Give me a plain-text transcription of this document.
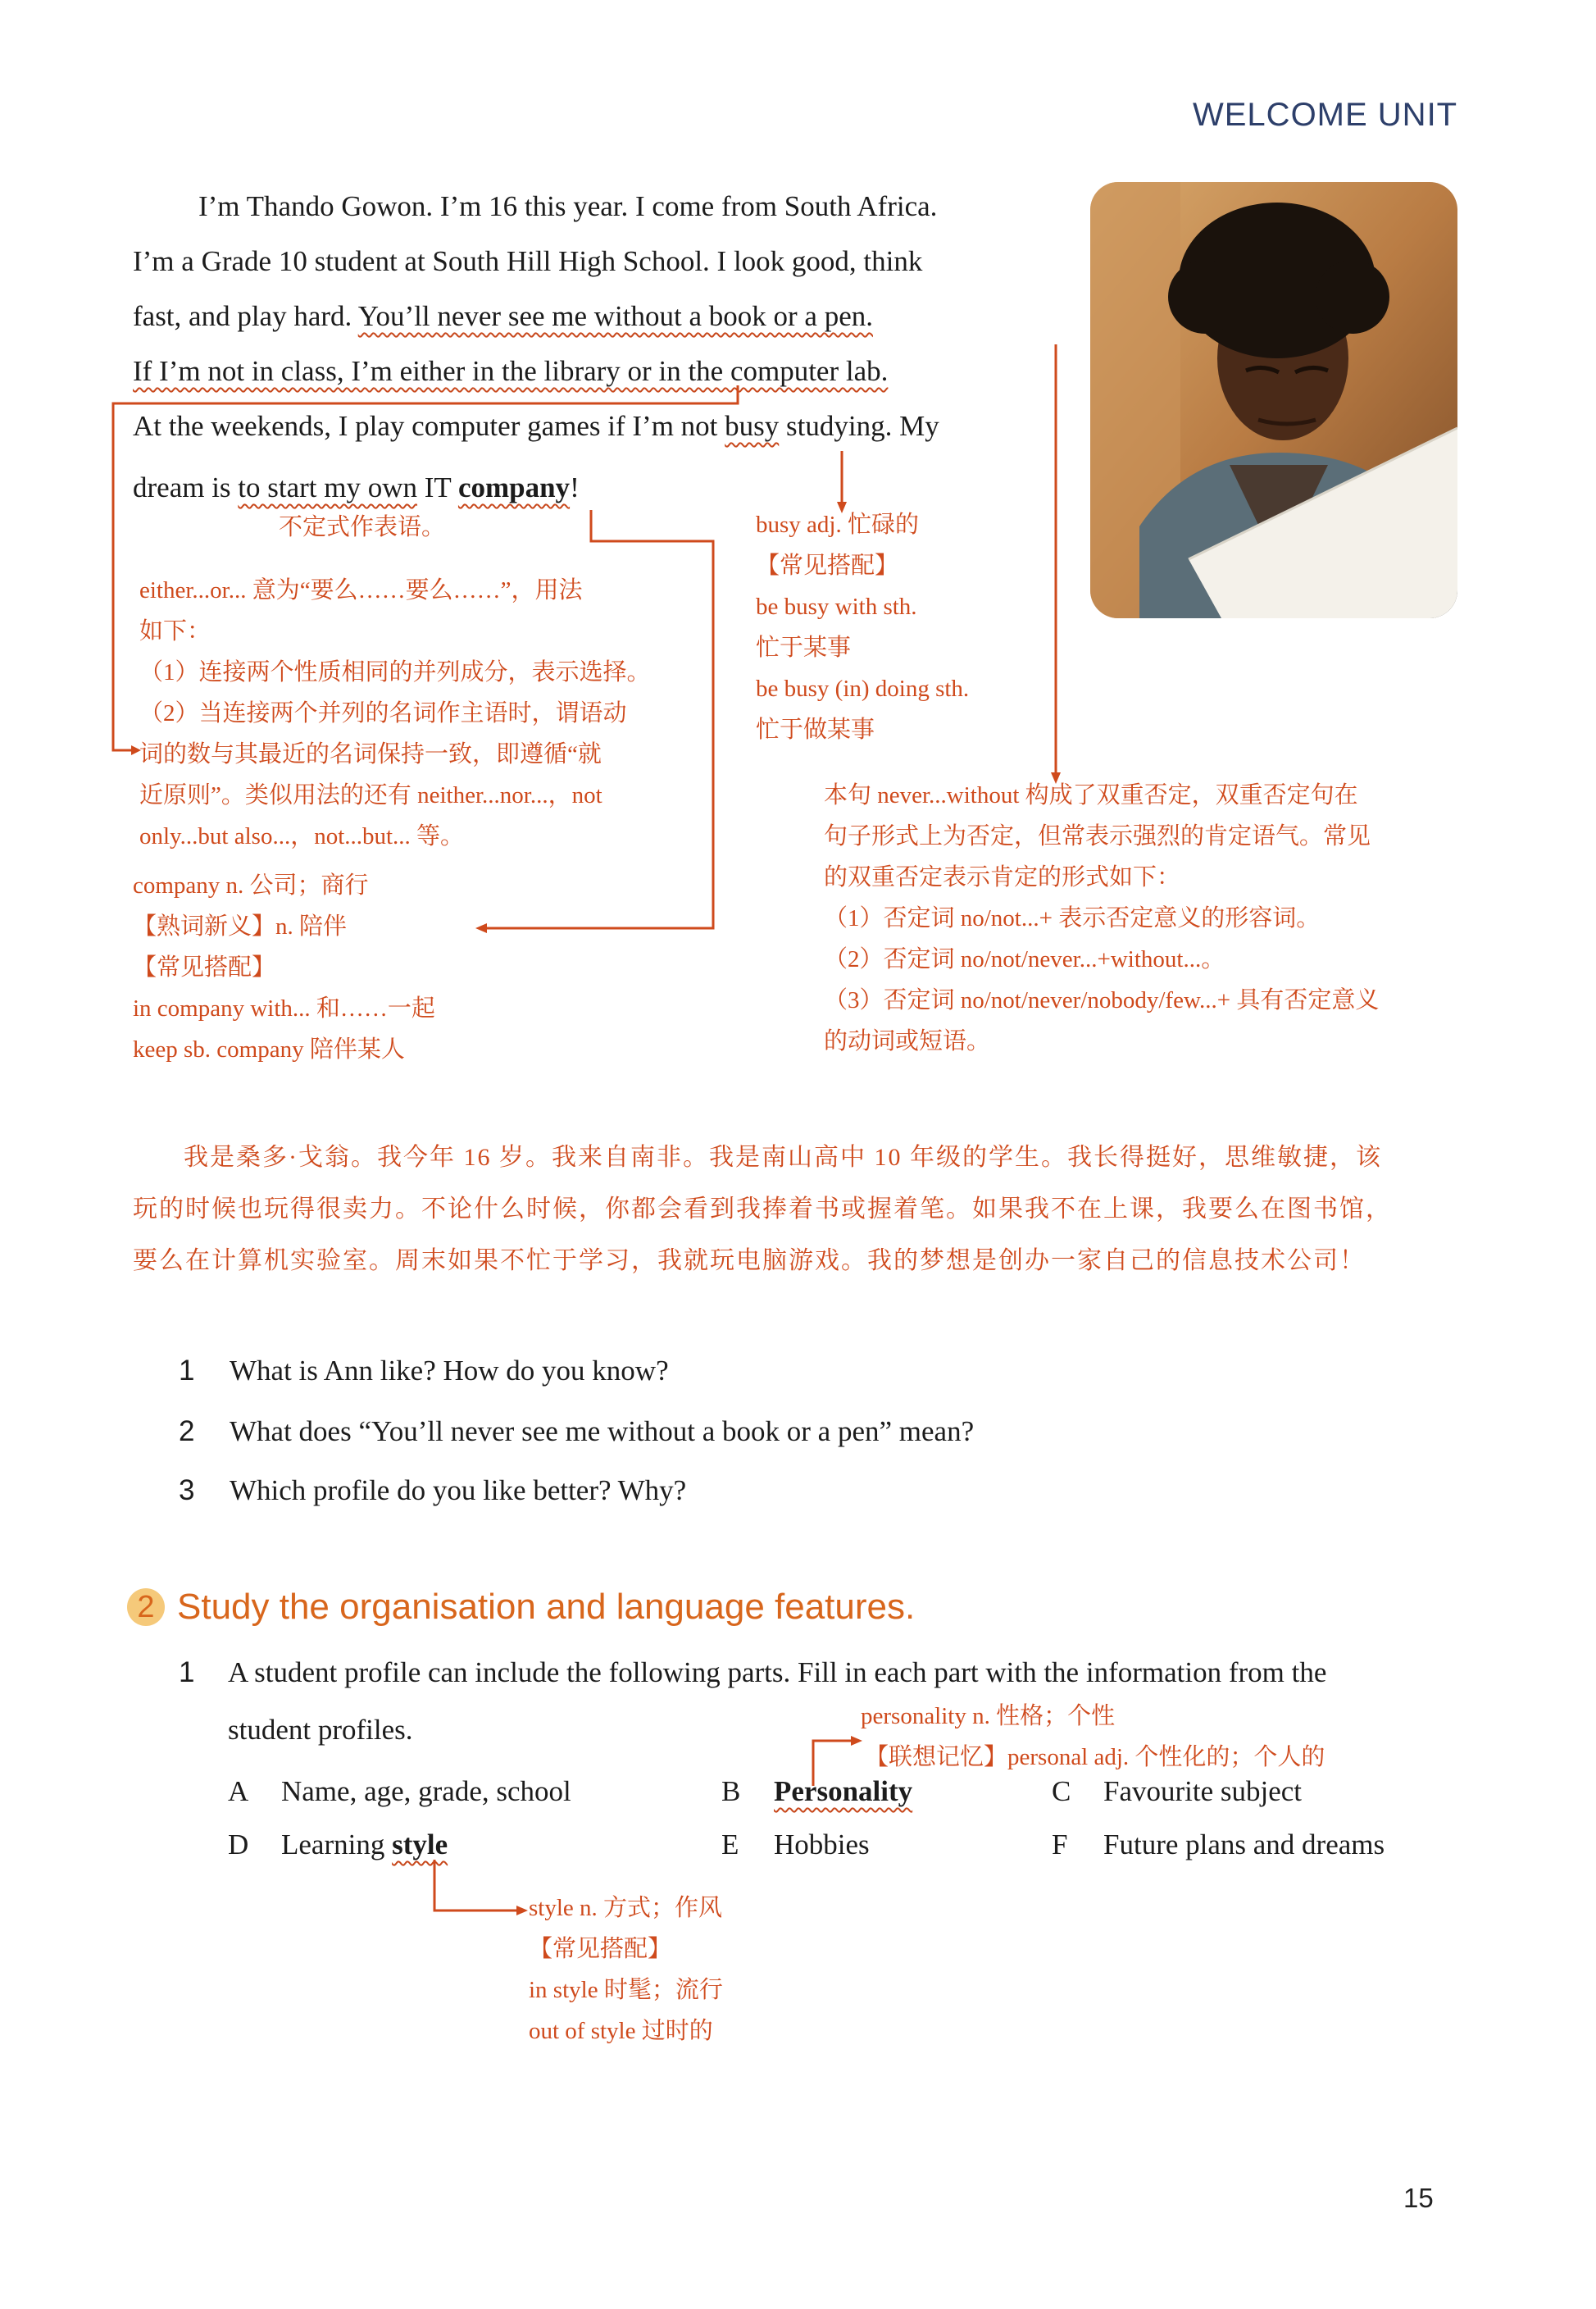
WELCOME UNIT
I’m Thando Gowon. I’m 16 this year. I come from South Africa.
I’m a Grade 10 student at South Hill High School. I look good, think
fast, and play hard. You’ll never see me without a book or a pen.
If I’m not in class, I’m either in the library or in the computer lab.
At the weekends, I play computer games if I’m not busy studying. My
dream is to start my own IT company!
不定式作表语。	busy adj. 忙碌的
【常见搭配】
be busy with sth.
忙于某事
be busy (in) doing sth.
忙于做某事
either...or... 意为“要么……要么……”，用法
如下：
（1）连接两个性质相同的并列成分，表示选择。
（2）当连接两个并列的名词作主语时，谓语动
词的数与其最近的名词保持一致，即遵循“就
近原则”。类似用法的还有 neither...nor...，not
only...but also...，not...but... 等。
company n. 公司；商行
【熟词新义】n. 陪伴
【常见搭配】
in company with... 和……一起
keep sb. company 陪伴某人
本句 never...without 构成了双重否定，双重否定句在
句子形式上为否定，但常表示强烈的肯定语气。常见
的双重否定表示肯定的形式如下：
（1）否定词 no/not...+ 表示否定意义的形容词。
（2）否定词 no/not/never...+without...。
（3）否定词 no/not/never/nobody/few...+ 具有否定意义
的动词或短语。
我是桑多·戈翁。我今年 16 岁。我来自南非。我是南山高中 10 年级的学生。我长得挺好，思维敏捷，该
玩的时候也玩得很卖力。不论什么时候，你都会看到我捧着书或握着笔。如果我不在上课，我要么在图书馆，
要么在计算机实验室。周末如果不忙于学习，我就玩电脑游戏。我的梦想是创办一家自己的信息技术公司！
1 What is Ann like? How do you know?
2 What does “You’ll never see me without a book or a pen” mean?
3 Which profile do you like better? Why?
2 Study the organisation and language features.
1 A student profile can include the following parts. Fill in each part with the information from the
student profiles.	personality n. 性格；个性
【联想记忆】personal adj. 个性化的；个人的
A Name, age, grade, school	B Personality	C Favourite subject
D Learning style	E Hobbies	F Future plans and dreams
style n. 方式；作风
【常见搭配】
in style 时髦；流行
out of style 过时的
15
